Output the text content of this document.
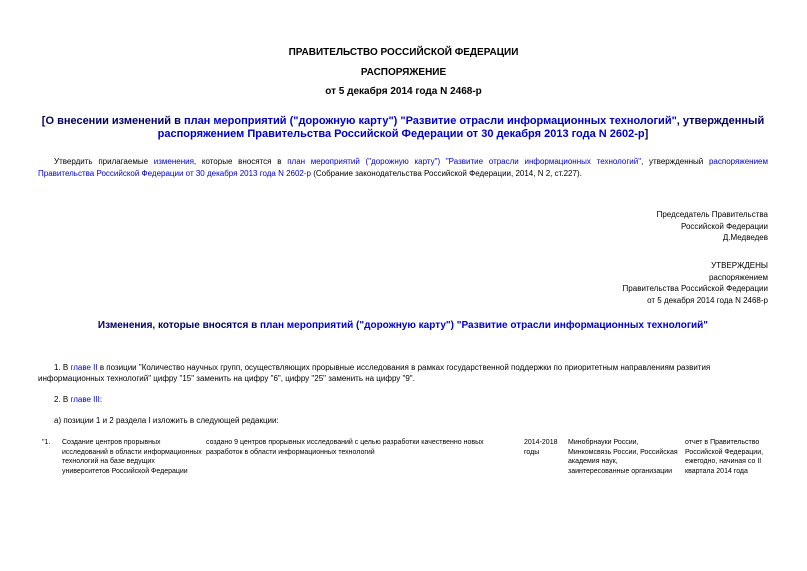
ПРАВИТЕЛЬСТВО РОССИЙСКОЙ ФЕДЕРАЦИИ
РАСПОРЯЖЕНИЕ
от 5 декабря 2014 года N 2468-р
[О внесении изменений в план мероприятий ("дорожную карту") "Развитие отрасли информационных технологий", утвержденный распоряжением Правительства Российской Федерации от 30 декабря 2013 года N 2602-р]
Утвердить прилагаемые изменения, которые вносятся в план мероприятий ("дорожную карту") "Развитие отрасли информационных технологий", утвержденный распоряжением Правительства Российской Федерации от 30 декабря 2013 года N 2602-р (Собрание законодательства Российской Федерации, 2014, N 2, ст.227).
Председатель Правительства
Российской Федерации
Д.Медведев
УТВЕРЖДЕНЫ
распоряжением
Правительства Российской Федерации
от 5 декабря 2014 года N 2468-р
Изменения, которые вносятся в план мероприятий ("дорожную карту") "Развитие отрасли информационных технологий"
1. В главе II в позиции "Количество научных групп, осуществляющих прорывные исследования в рамках государственной поддержки по приоритетным направлениям развития информационных технологий" цифру "15" заменить на цифру "6", цифру "25" заменить на цифру "9".
2. В главе III:
а) позиции 1 и 2 раздела I изложить в следующей редакции:
"1.	Создание центров прорывных исследований в области информационных технологий на базе ведущих университетов Российской Федерации
создано 9 центров прорывных исследований с целью разработки качественно новых разработок в области информационных технологий
2014-2018 годы
Минобрнауки России, Минкомсвязь России, Российская академия наук, заинтересованные организации
отчет в Правительство Российской Федерации, ежегодно, начиная со II квартала 2014 года
